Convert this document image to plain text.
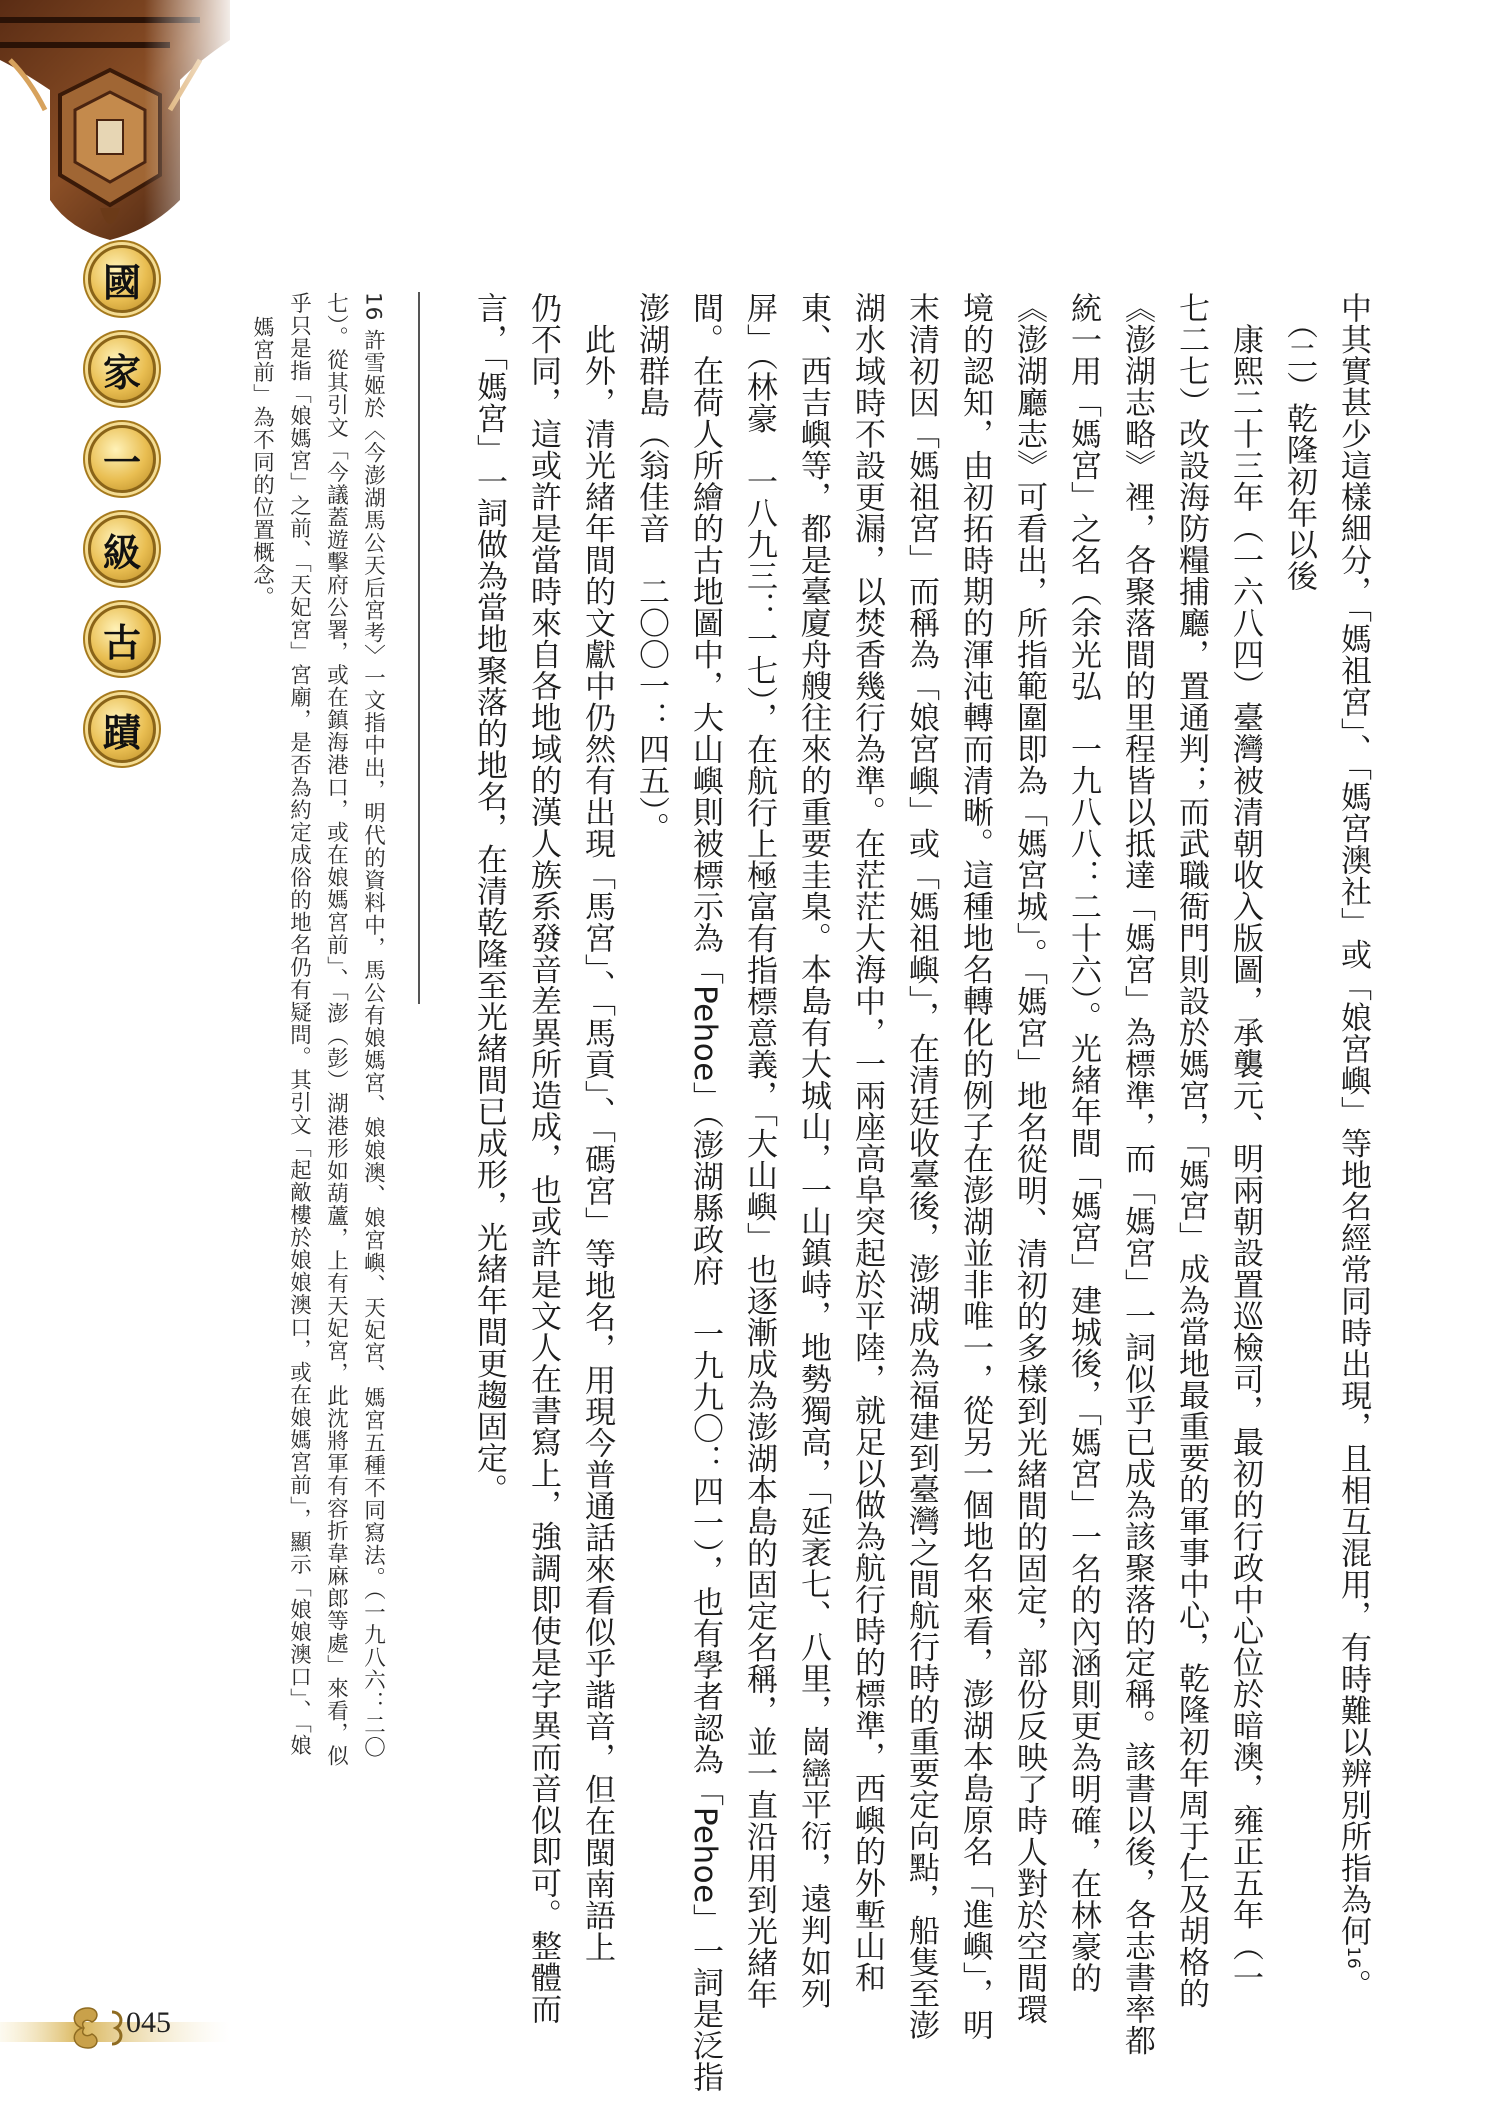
國
家
一
級
古
蹟	中其實甚少這樣細分，「媽祖宮」、「媽宮澳社」或「娘宮嶼」等地名經常同時出現，且相互混用，有時難以辨別所指為何16。
　（二）乾隆初年以後
　康熙二十三年（一六八四）臺灣被清朝收入版圖，承襲元、明兩朝設置巡檢司，最初的行政中心位於暗澳，雍正五年（一
七二七）改設海防糧捕廳，置通判；而武職衙門則設於媽宮，「媽宮」成為當地最重要的軍事中心，乾隆初年周于仁及胡格的
《澎湖志略》裡，各聚落間的里程皆以抵達「媽宮」為標準，而「媽宮」一詞似乎已成為該聚落的定稱。該書以後，各志書率都
統一用「媽宮」之名（余光弘　一九八八：二十六）。光緒年間「媽宮」建城後，「媽宮」一名的內涵則更為明確，在林豪的
《澎湖廳志》可看出，所指範圍即為「媽宮城」。「媽宮」地名從明、清初的多樣到光緒間的固定，部份反映了時人對於空間環
境的認知，由初拓時期的渾沌轉而清晰。這種地名轉化的例子在澎湖並非唯一，從另一個地名來看，澎湖本島原名「進嶼」，明
末清初因「媽祖宮」而稱為「娘宮嶼」或「媽祖嶼」，在清廷收臺後，澎湖成為福建到臺灣之間航行時的重要定向點，船隻至澎
湖水域時不設更漏，以焚香幾行為準。在茫茫大海中，一兩座高阜突起於平陸，就足以做為航行時的標準，西嶼的外塹山和
東、西吉嶼等，都是臺廈舟艘往來的重要圭臬。本島有大城山，一山鎮峙，地勢獨高，「延袤七、八里，崗巒平衍，遠判如列
屏」（林豪　一八九三：一七），在航行上極富有指標意義，「大山嶼」也逐漸成為澎湖本島的固定名稱，並一直沿用到光緒年
間。在荷人所繪的古地圖中，大山嶼則被標示為「Pehoe」（澎湖縣政府　一九九〇：四一），也有學者認為「Pehoe」一詞是泛指
澎湖群島（翁佳音　二〇〇一：四五）。
　此外，清光緒年間的文獻中仍然有出現「馬宮」、「馬貢」、「碼宮」等地名，用現今普通話來看似乎諧音，但在閩南語上
仍不同，這或許是當時來自各地域的漢人族系發音差異所造成，也或許是文人在書寫上，強調即使是字異而音似即可。整體而
言，「媽宮」一詞做為當地聚落的地名，在清乾隆至光緒間已成形，光緒年間更趨固定。
16 許雪姬於〈今澎湖馬公天后宮考〉一文指中出，明代的資料中，馬公有娘媽宮、娘娘澳、娘宮嶼、天妃宮、媽宮五種不同寫法。（一九八六：二〇
七）。從其引文「今議蓋遊擊府公署，或在鎮海港口，或在娘媽宮前」、「澎（彭）湖港形如葫蘆，上有天妃宮，此沈將軍有容折韋麻郎等處」來看，似
乎只是指「娘媽宮」之前、「天妃宮」宮廟，是否為約定成俗的地名仍有疑問。其引文「起敵樓於娘娘澳口，或在娘媽宮前」，顯示「娘娘澳口」、「娘
媽宮前」為不同的位置概念。
045
